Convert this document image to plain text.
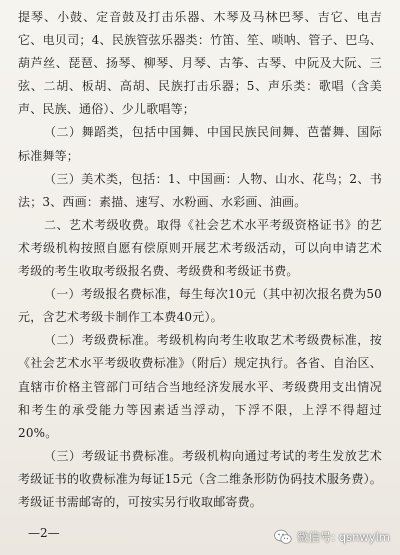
提琴、小鼓、定音鼓及打击乐器、木琴及马林巴琴、吉它、电吉它、电贝司；4、民族管弦乐器类：竹笛、笙、唢呐、管子、巴乌、葫芦丝、琵琶、扬琴、柳琴、月琴、古筝、古琴、中阮及大阮、三弦、二胡、板胡、高胡、民族打击乐器；5、声乐类：歌唱（含美声、民族、通俗）、少儿歌唱等；

（二）舞蹈类，包括中国舞、中国民族民间舞、芭蕾舞、国际标准舞等；

（三）美术类，包括：1、中国画：人物、山水、花鸟；2、书法；3、西画：素描、速写、水粉画、水彩画、油画。

二、艺术考级收费。取得《社会艺术水平考级资格证书》的艺术考级机构按照自愿有偿原则开展艺术考级活动，可以向申请艺术考级的考生收取考级报名费、考级费和考级证书费。

（一）考级报名费标准，每生每次10元（其中初次报名费为50元，含艺术考级卡制作工本费40元）。

（二）考级费标准。考级机构向考生收取艺术考级费标准，按《社会艺术水平考级收费标准》（附后）规定执行。各省、自治区、直辖市价格主管部门可结合当地经济发展水平、考级费用支出情况和考生的承受能力等因素适当浮动，下浮不限，上浮不得超过20%。

（三）考级证书费标准。考级机构向通过考试的考生发放艺术考级证书的收费标准为每证15元（含二维条形防伪码技术服务费）。考级证书需邮寄的，可按实另行收取邮寄费。

—2—	微信号: qsnwylm
